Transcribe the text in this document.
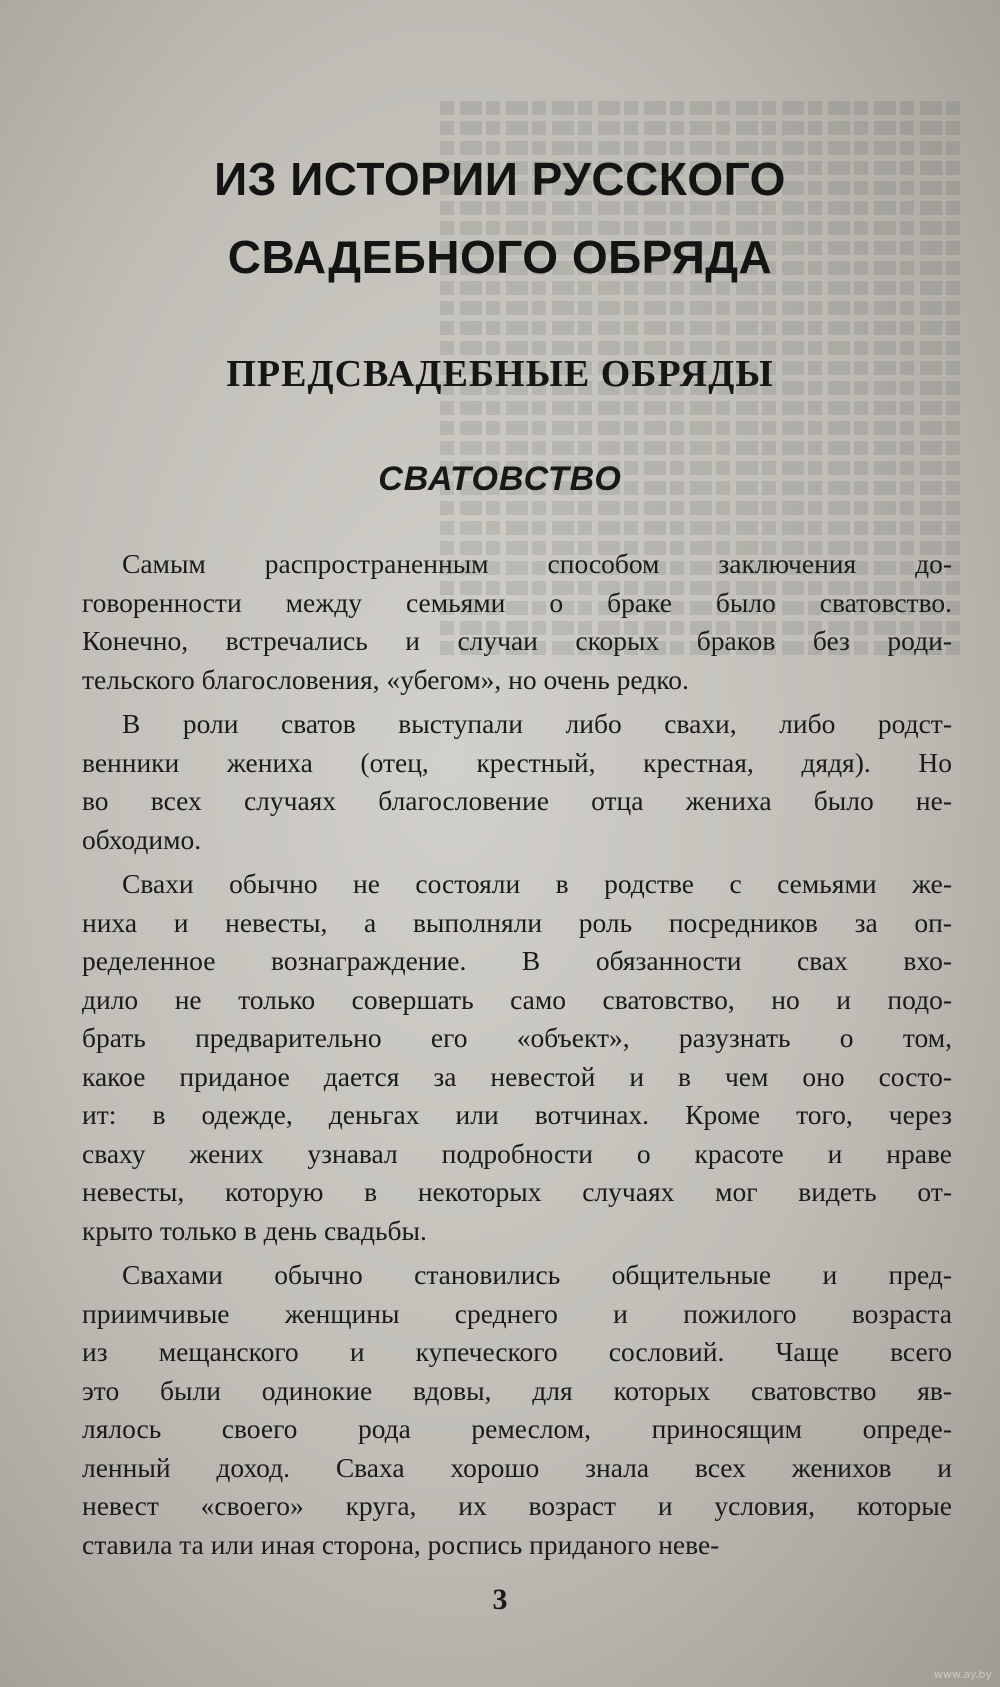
ИЗ ИСТОРИИ РУССКОГО
СВАДЕБНОГО ОБРЯДА
ПРЕДСВАДЕБНЫЕ ОБРЯДЫ
СВАТОВСТВО
Самым распространенным способом заключения до-
говоренности между семьями о браке было сватовство.
Конечно, встречались и случаи скорых браков без роди-
тельского благословения, «убегом», но очень редко.
В роли сватов выступали либо свахи, либо родст-
венники жениха (отец, крестный, крестная, дядя). Но
во всех случаях благословение отца жениха было не-
обходимо.
Свахи обычно не состояли в родстве с семьями же-
ниха и невесты, а выполняли роль посредников за оп-
ределенное вознаграждение. В обязанности свах вхо-
дило не только совершать само сватовство, но и подо-
брать предварительно его «объект», разузнать о том,
какое приданое дается за невестой и в чем оно состо-
ит: в одежде, деньгах или вотчинах. Кроме того, через
сваху жених узнавал подробности о красоте и нраве
невесты, которую в некоторых случаях мог видеть от-
крыто только в день свадьбы.
Свахами обычно становились общительные и пред-
приимчивые женщины среднего и пожилого возраста
из мещанского и купеческого сословий. Чаще всего
это были одинокие вдовы, для которых сватовство яв-
лялось своего рода ремеслом, приносящим опреде-
ленный доход. Сваха хорошо знала всех женихов и
невест «своего» круга, их возраст и условия, которые
ставила та или иная сторона, роспись приданого неве-
3
www.ay.by
